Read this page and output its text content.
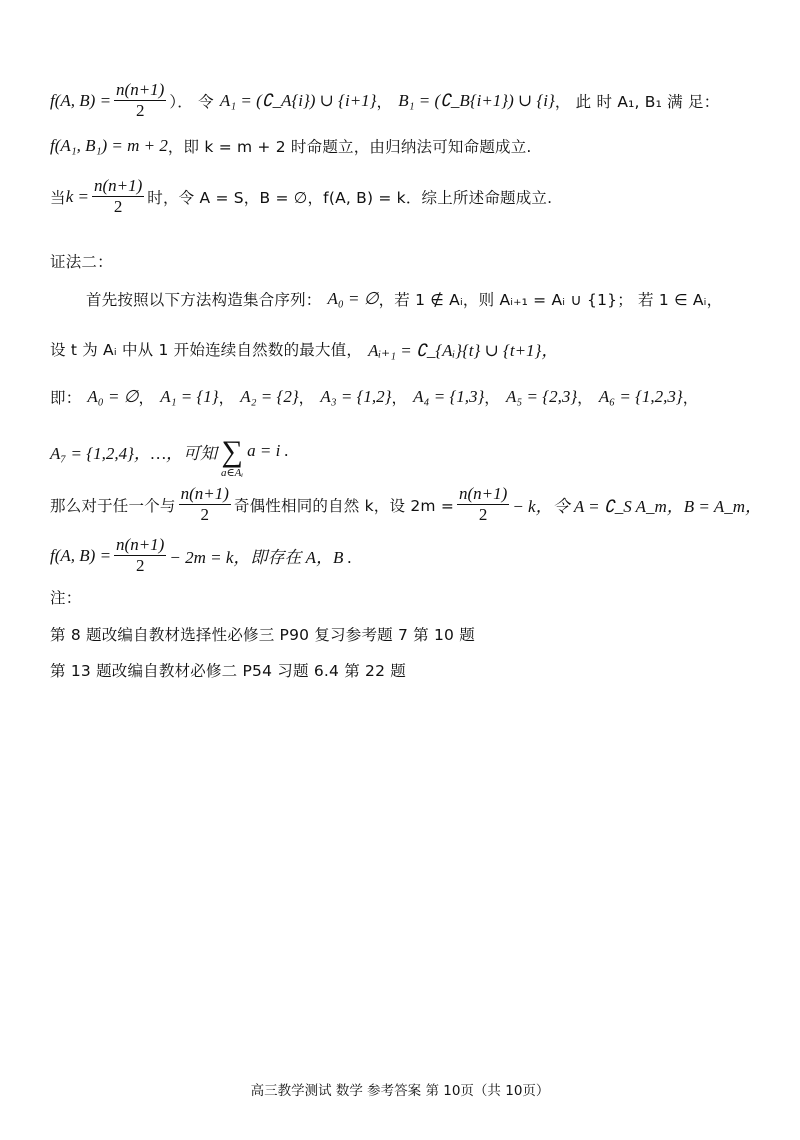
f(A, $B) = \frac{n(n+1)}{2}$ ）． 令 A₁ = (∁_A{i}) ∪ {i+1} ， B₁ = (∁_B{i+1}) ∪ {i} ， 此 时 A₁, B₁ 满 足：
f(A₁, B₁) = m + 2 ，即 k = m + 2 时命题立，由归纳法可知命题成立.
当 $k = \frac{n(n+1)}{2}$ 时，令 A = S，B = ∅，f(A, B) = k．综上所述命题成立.
证法二：
首先按照以下方法构造集合序列： A₀ = ∅ ，若 1 ∉ Aᵢ，则 Aᵢ₊₁ = Aᵢ ∪ {1}； 若 1 ∈ Aᵢ，
设 t 为 Aᵢ 中从 1 开始连续自然数的最大值， Aᵢ₊₁ = ∁_{Aᵢ}{t} ∪ {t+1}，
即： A₀ = ∅ ， A₁ = {1} ， A₂ = {2} ， A₃ = {1,2} ， A₄ = {1,3} ， A₅ = {2,3} ， A₆ = {1,2,3} ，
A₇ = {1,2,4}，…，可知 ∑
a∈Aᵢ
a = i .
那么对于任一个与 $\frac{n(n+1)}{2}$ 奇偶性相同的自然 k，设 $2m = \frac{n(n+1)}{2} - k$，令 A = ∁_S A_m，B = A_m，
f(A, $B) = \frac{n(n+1)}{2} - 2m = k$，即存在 A，B .
注：
第 8 题改编自教材选择性必修三 P90 复习参考题 7 第 10 题
第 13 题改编自教材必修二 P54 习题 6.4 第 22 题
高三教学测试 数学 参考答案 第 10页（共 10页）
